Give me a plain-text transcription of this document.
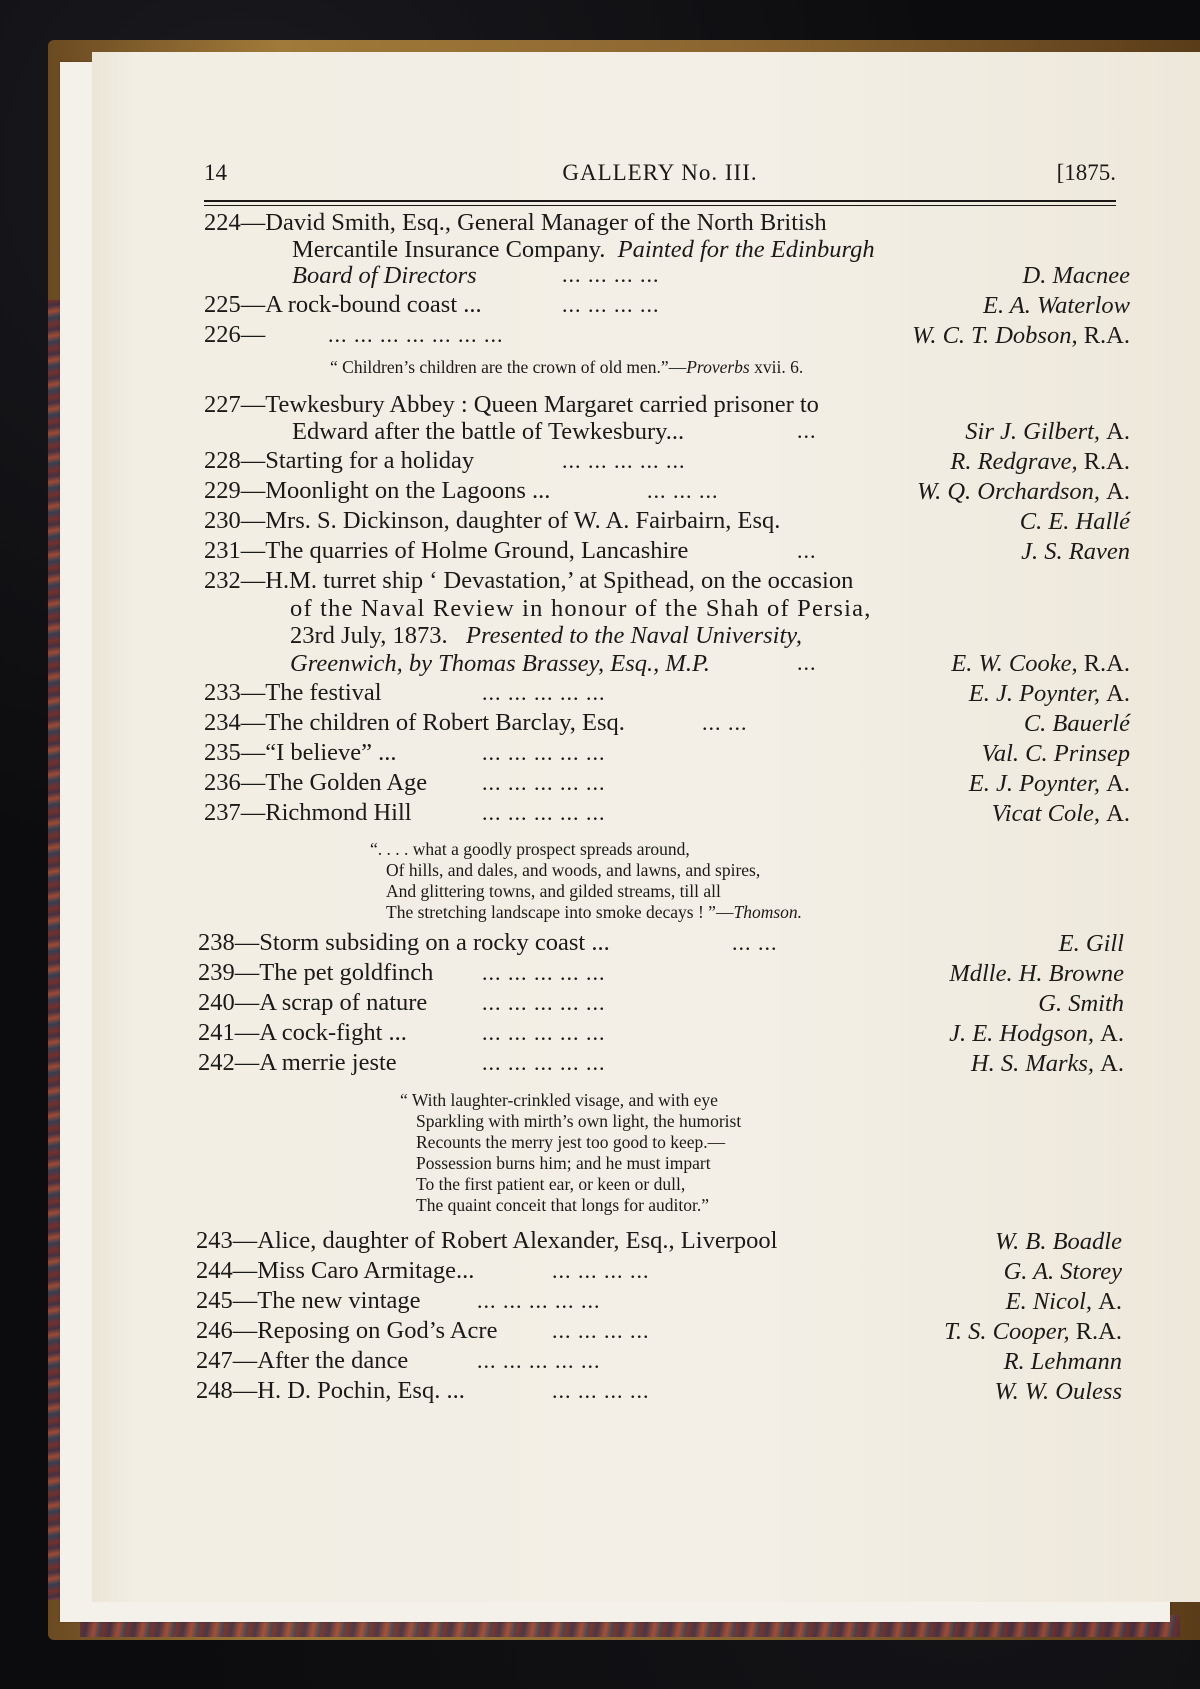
14	GALLERY No. III.	[1875.
224—David Smith, Esq., General Manager of the North British
Mercantile Insurance Company. Painted for the Edinburgh
Board of Directors	... ... ... ...	D. Macnee
225—A rock-bound coast ...	... ... ... ...	E. A. Waterlow
226—	... ... ... ... ... ... ...	W. C. T. Dobson, R.A.
“ Children’s children are the crown of old men.”—Proverbs xvii. 6.
227—Tewkesbury Abbey : Queen Margaret carried prisoner to
Edward after the battle of Tewkesbury...	...	Sir J. Gilbert, A.
228—Starting for a holiday	... ... ... ... ...	R. Redgrave, R.A.
229—Moonlight on the Lagoons ...	... ... ...	W. Q. Orchardson, A.
230—Mrs. S. Dickinson, daughter of W. A. Fairbairn, Esq.	C. E. Hallé
231—The quarries of Holme Ground, Lancashire	...	J. S. Raven
232—H.M. turret ship ‘ Devastation,’ at Spithead, on the occasion
of the Naval Review in honour of the Shah of Persia,
23rd July, 1873. Presented to the Naval University,
Greenwich, by Thomas Brassey, Esq., M.P.	...	E. W. Cooke, R.A.
233—The festival	... ... ... ... ...	E. J. Poynter, A.
234—The children of Robert Barclay, Esq.	... ...	C. Bauerlé
235—“I believe” ...	... ... ... ... ...	Val. C. Prinsep
236—The Golden Age ... ... ... ... ...	E. J. Poynter, A.
237—Richmond Hill	... ... ... ... ...	Vicat Cole, A.
“. . . . what a goodly prospect spreads around,
Of hills, and dales, and woods, and lawns, and spires,
And glittering towns, and gilded streams, till all
The stretching landscape into smoke decays ! ”—Thomson.
238—Storm subsiding on a rocky coast ...	... ...	E. Gill
239—The pet goldfinch ... ... ... ... ...	Mdlle. H. Browne
240—A scrap of nature ... ... ... ... ...	G. Smith
241—A cock-fight ...	... ... ... ... ...	J. E. Hodgson, A.
242—A merrie jeste	... ... ... ... ...	H. S. Marks, A.
“ With laughter-crinkled visage, and with eye
Sparkling with mirth’s own light, the humorist
Recounts the merry jest too good to keep.—
Possession burns him; and he must impart
To the first patient ear, or keen or dull,
The quaint conceit that longs for auditor.”
243—Alice, daughter of Robert Alexander, Esq., Liverpool	W. B. Boadle
244—Miss Caro Armitage...	... ... ... ...	G. A. Storey
245—The new vintage	... ... ... ... ...	E. Nicol, A.
246—Reposing on God’s Acre ... ... ... ...	T. S. Cooper, R.A.
247—After the dance	... ... ... ... ...	R. Lehmann
248—H. D. Pochin, Esq. ...	... ... ... ...	W. W. Ouless
